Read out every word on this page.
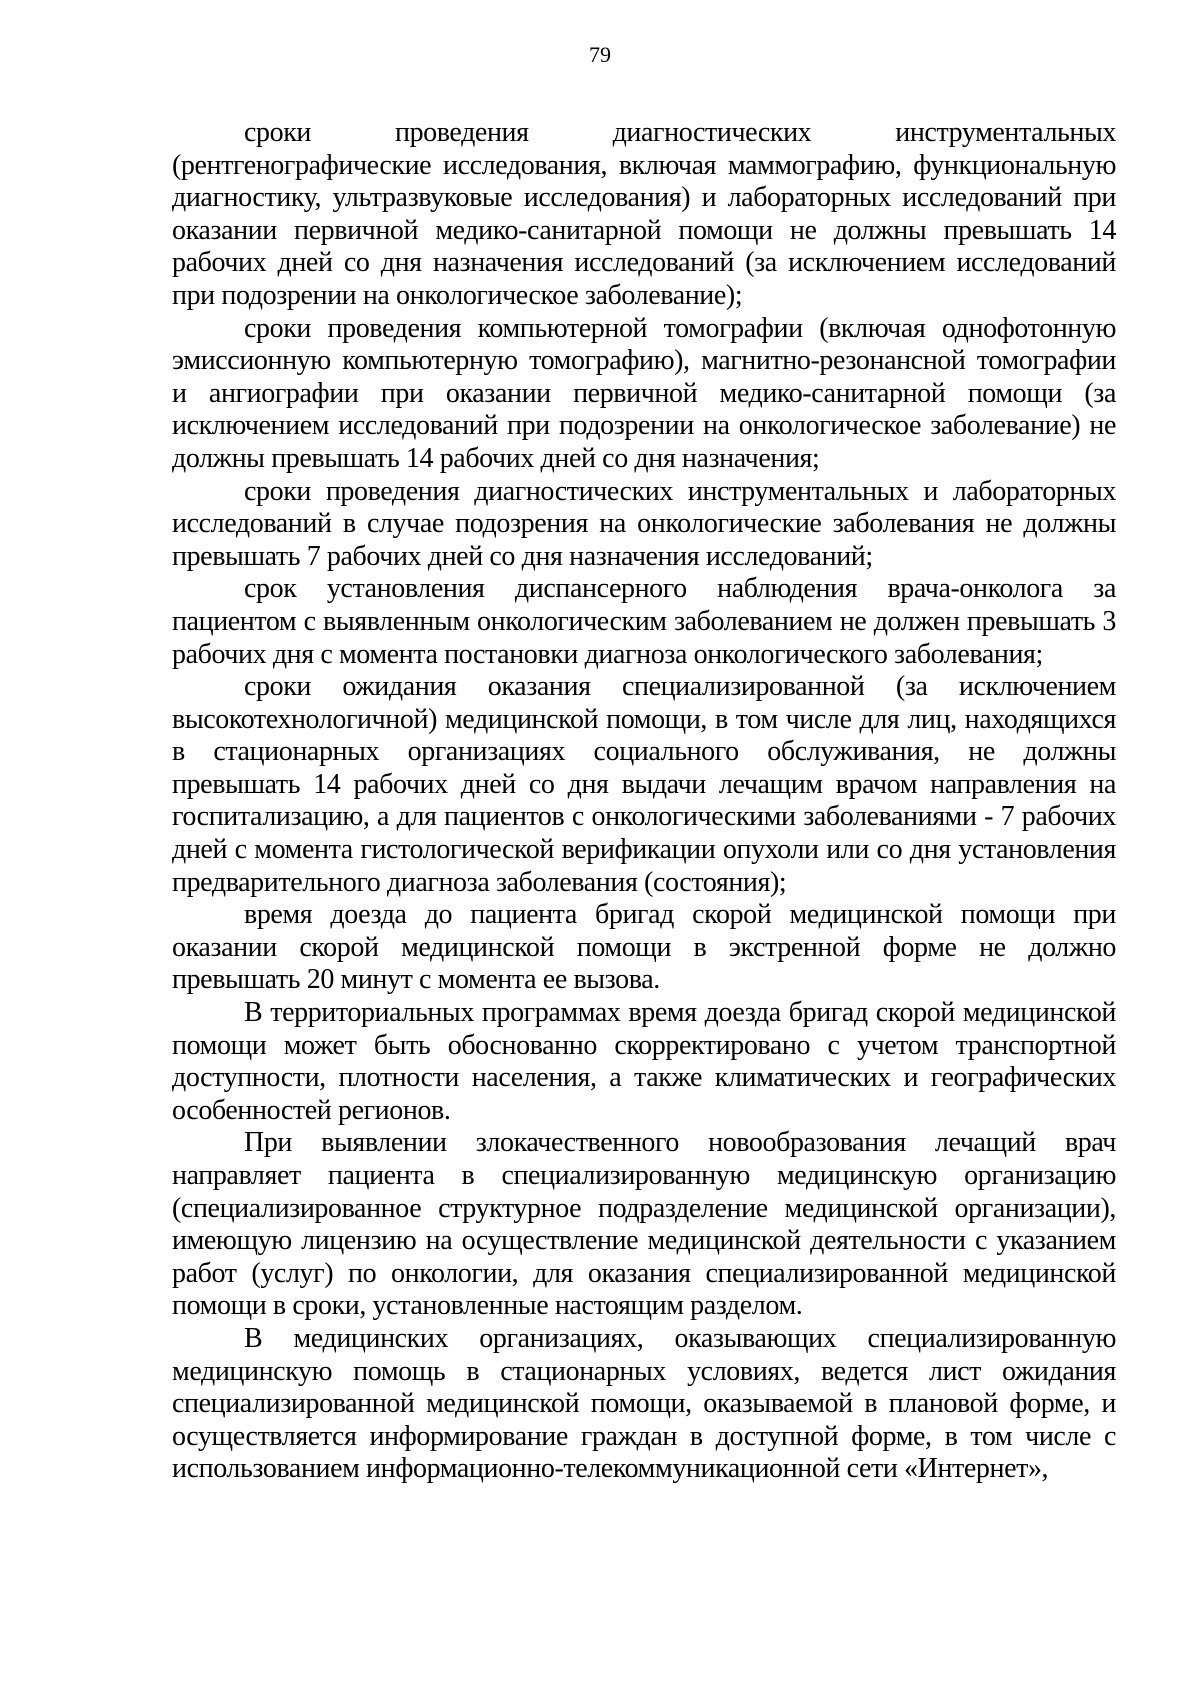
79

сроки проведения диагностических инструментальных (рентгенографические исследования, включая маммографию, функциональную диагностику, ультразвуковые исследования) и лабораторных исследований при оказании первичной медико-санитарной помощи не должны превышать 14 рабочих дней со дня назначения исследований (за исключением исследований при подозрении на онкологическое заболевание);

сроки проведения компьютерной томографии (включая однофотонную эмиссионную компьютерную томографию), магнитно-резонансной томографии и ангиографии при оказании первичной медико-санитарной помощи (за исключением исследований при подозрении на онкологическое заболевание) не должны превышать 14 рабочих дней со дня назначения;

сроки проведения диагностических инструментальных и лабораторных исследований в случае подозрения на онкологические заболевания не должны превышать 7 рабочих дней со дня назначения исследований;

срок установления диспансерного наблюдения врача-онколога за пациентом с выявленным онкологическим заболеванием не должен превышать 3 рабочих дня с момента постановки диагноза онкологического заболевания;

сроки ожидания оказания специализированной (за исключением высокотехнологичной) медицинской помощи, в том числе для лиц, находящихся в стационарных организациях социального обслуживания, не должны превышать 14 рабочих дней со дня выдачи лечащим врачом направления на госпитализацию, а для пациентов с онкологическими заболеваниями - 7 рабочих дней с момента гистологической верификации опухоли или со дня установления предварительного диагноза заболевания (состояния);

время доезда до пациента бригад скорой медицинской помощи при оказании скорой медицинской помощи в экстренной форме не должно превышать 20 минут с момента ее вызова.

В территориальных программах время доезда бригад скорой медицинской помощи может быть обоснованно скорректировано с учетом транспортной доступности, плотности населения, а также климатических и географических особенностей регионов.

При выявлении злокачественного новообразования лечащий врач направляет пациента в специализированную медицинскую организацию (специализированное структурное подразделение медицинской организации), имеющую лицензию на осуществление медицинской деятельности с указанием работ (услуг) по онкологии, для оказания специализированной медицинской помощи в сроки, установленные настоящим разделом.

В медицинских организациях, оказывающих специализированную медицинскую помощь в стационарных условиях, ведется лист ожидания специализированной медицинской помощи, оказываемой в плановой форме, и осуществляется информирование граждан в доступной форме, в том числе с использованием информационно-телекоммуникационной сети «Интернет»,
